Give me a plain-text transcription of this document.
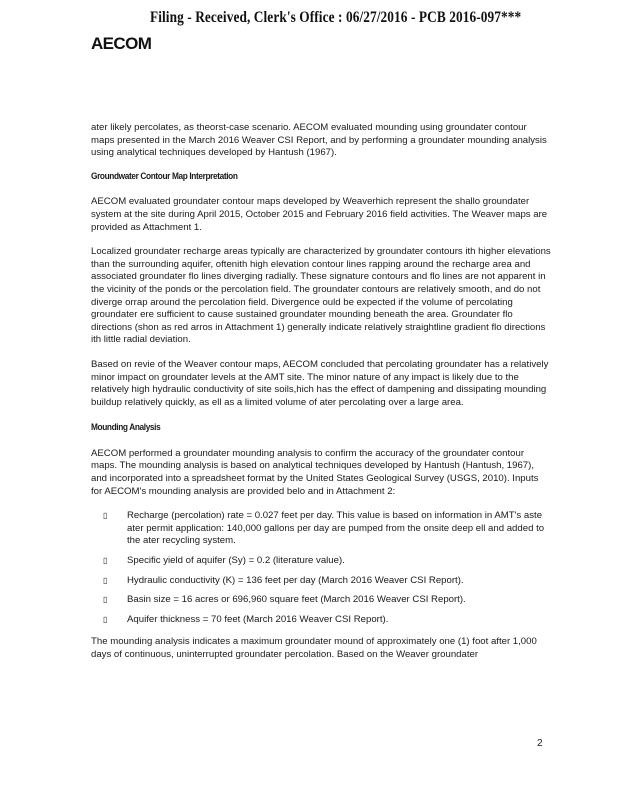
Filing - Received, Clerk's Office : 06/27/2016 - PCB 2016-097***
AECOM

ater likely percolates, as theorst-case scenario. AECOM evaluated mounding using groundater contour maps presented in the March 2016 Weaver CSI Report, and by performing a groundater mounding analysis using analytical techniques developed by Hantush (1967).

Groundwater Contour Map Interpretation

AECOM evaluated groundater contour maps developed by Weaverhich represent the shallo groundater system at the site during April 2015, October 2015 and February 2016 field activities. The Weaver maps are provided as Attachment 1.

Localized groundater recharge areas typically are characterized by groundater contours ith higher elevations than the surrounding aquifer, oftenith high elevation contour lines rapping around the recharge area and associated groundater flo lines diverging radially. These signature contours and flo lines are not apparent in the vicinity of the ponds or the percolation field. The groundater contours are relatively smooth, and do not diverge orrap around the percolation field. Divergence ould be expected if the volume of percolating groundater ere sufficient to cause sustained groundater mounding beneath the area. Groundater flo directions (shon as red arros in Attachment 1) generally indicate relatively straightline gradient flo directions ith little radial deviation.

Based on revie of the Weaver contour maps, AECOM concluded that percolating groundater has a relatively minor impact on groundater levels at the AMT site. The minor nature of any impact is likely due to the relatively high hydraulic conductivity of site soils,hich has the effect of dampening and dissipating mounding buildup relatively quickly, as ell as a limited volume of ater percolating over a large area.

Mounding Analysis

AECOM performed a groundater mounding analysis to confirm the accuracy of the groundater contour maps. The mounding analysis is based on analytical techniques developed by Hantush (Hantush, 1967), and incorporated into a spreadsheet format by the United States Geological Survey (USGS, 2010). Inputs for AECOM's mounding analysis are provided belo and in Attachment 2:

▯ Recharge (percolation) rate = 0.027 feet per day. This value is based on information in AMT's aste ater permit application: 140,000 gallons per day are pumped from the onsite deep ell and added to the ater recycling system.
▯ Specific yield of aquifer (Sy) = 0.2 (literature value).
▯ Hydraulic conductivity (K) = 136 feet per day (March 2016 Weaver CSI Report).
▯ Basin size = 16 acres or 696,960 square feet (March 2016 Weaver CSI Report).
▯ Aquifer thickness = 70 feet (March 2016 Weaver CSI Report).

The mounding analysis indicates a maximum groundater mound of approximately one (1) foot after 1,000 days of continuous, uninterrupted groundater percolation. Based on the Weaver groundater

2
